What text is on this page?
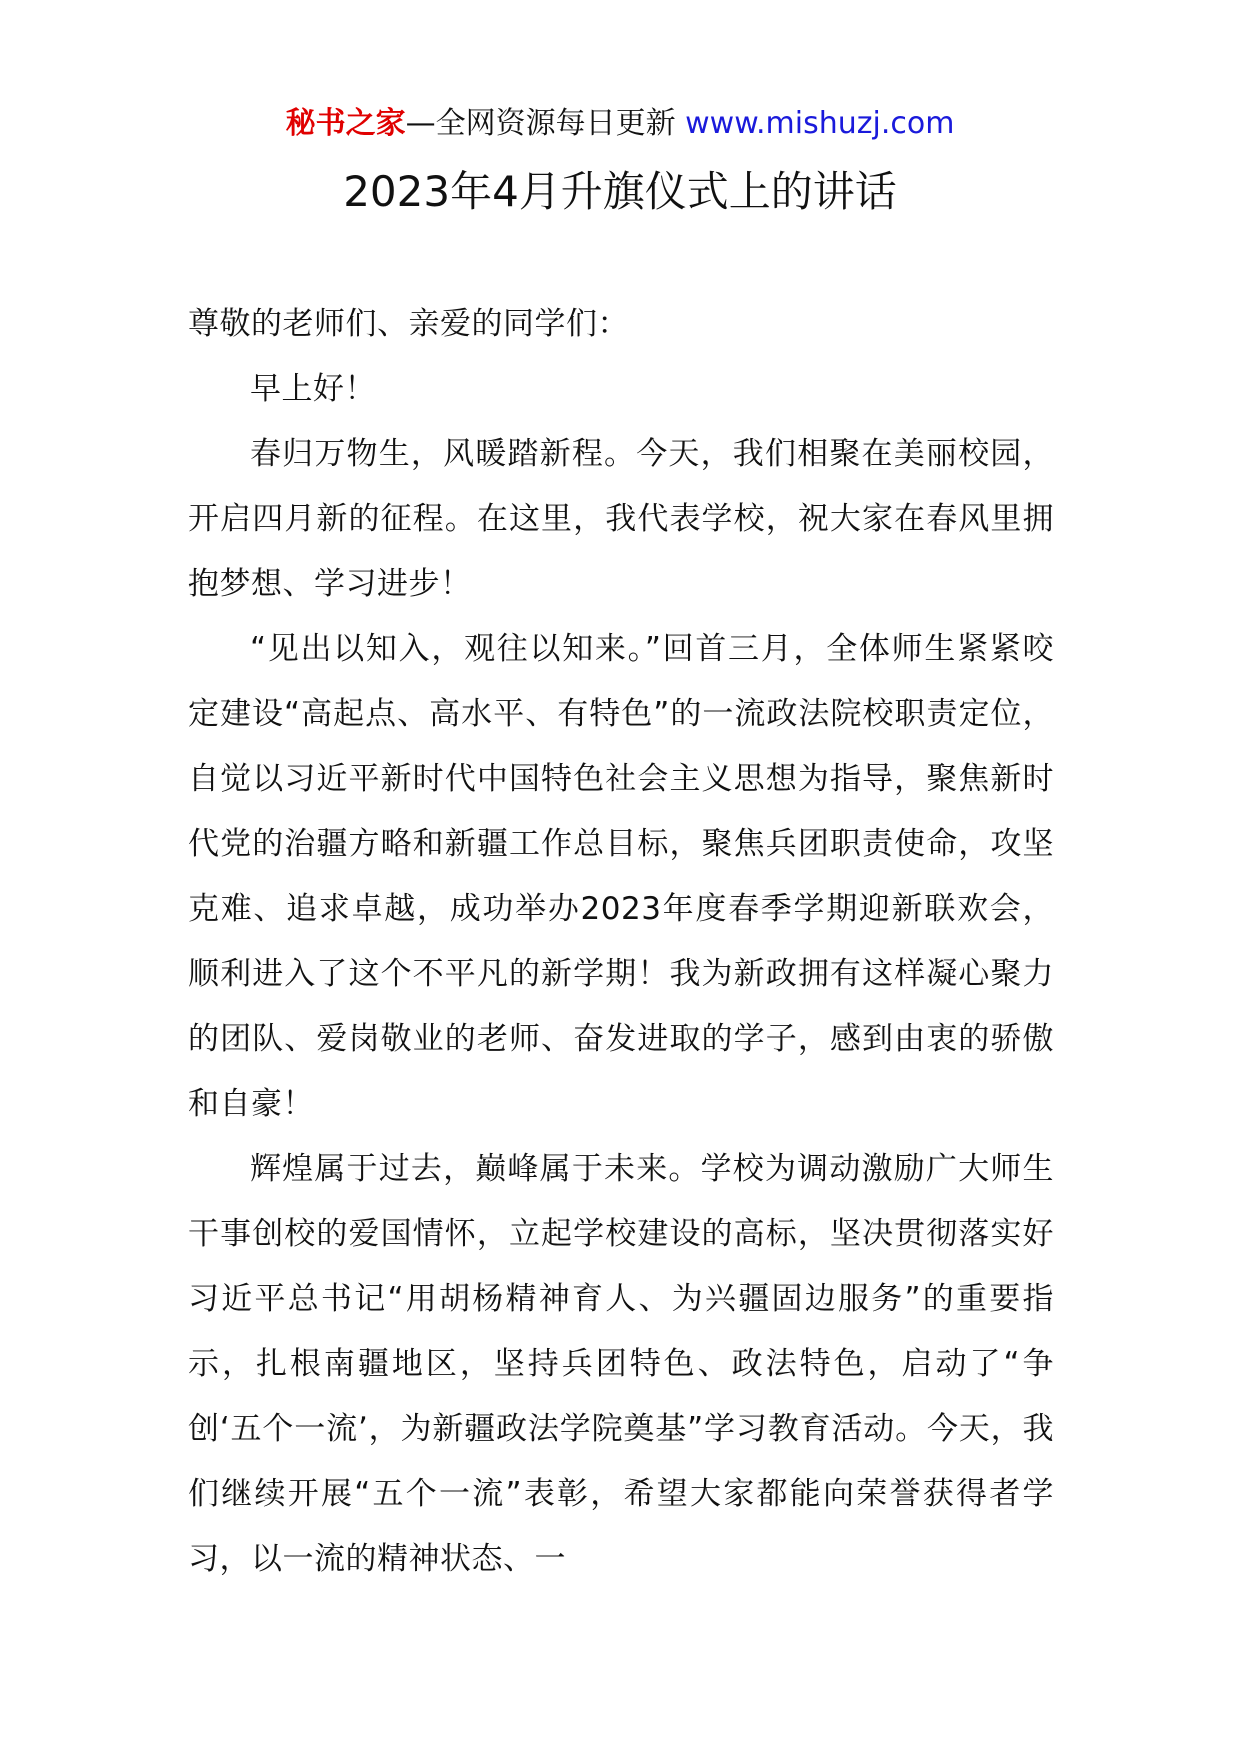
秘书之家—全网资源每日更新 www.mishuzj.com
2023年4月升旗仪式上的讲话

尊敬的老师们、亲爱的同学们：

早上好！

春归万物生，风暖踏新程。今天，我们相聚在美丽校园，开启四月新的征程。在这里，我代表学校，祝大家在春风里拥抱梦想、学习进步！

“见出以知入，观往以知来。”回首三月，全体师生紧紧咬定建设“高起点、高水平、有特色”的一流政法院校职责定位，自觉以习近平新时代中国特色社会主义思想为指导，聚焦新时代党的治疆方略和新疆工作总目标，聚焦兵团职责使命，攻坚克难、追求卓越，成功举办2023年度春季学期迎新联欢会，顺利进入了这个不平凡的新学期！我为新政拥有这样凝心聚力的团队、爱岗敬业的老师、奋发进取的学子，感到由衷的骄傲和自豪！

辉煌属于过去，巅峰属于未来。学校为调动激励广大师生干事创校的爱国情怀，立起学校建设的高标，坚决贯彻落实好习近平总书记“用胡杨精神育人、为兴疆固边服务”的重要指示，扎根南疆地区，坚持兵团特色、政法特色，启动了“争创‘五个一流’，为新疆政法学院奠基”学习教育活动。今天，我们继续开展“五个一流”表彰，希望大家都能向荣誉获得者学习，以一流的精神状态、一
